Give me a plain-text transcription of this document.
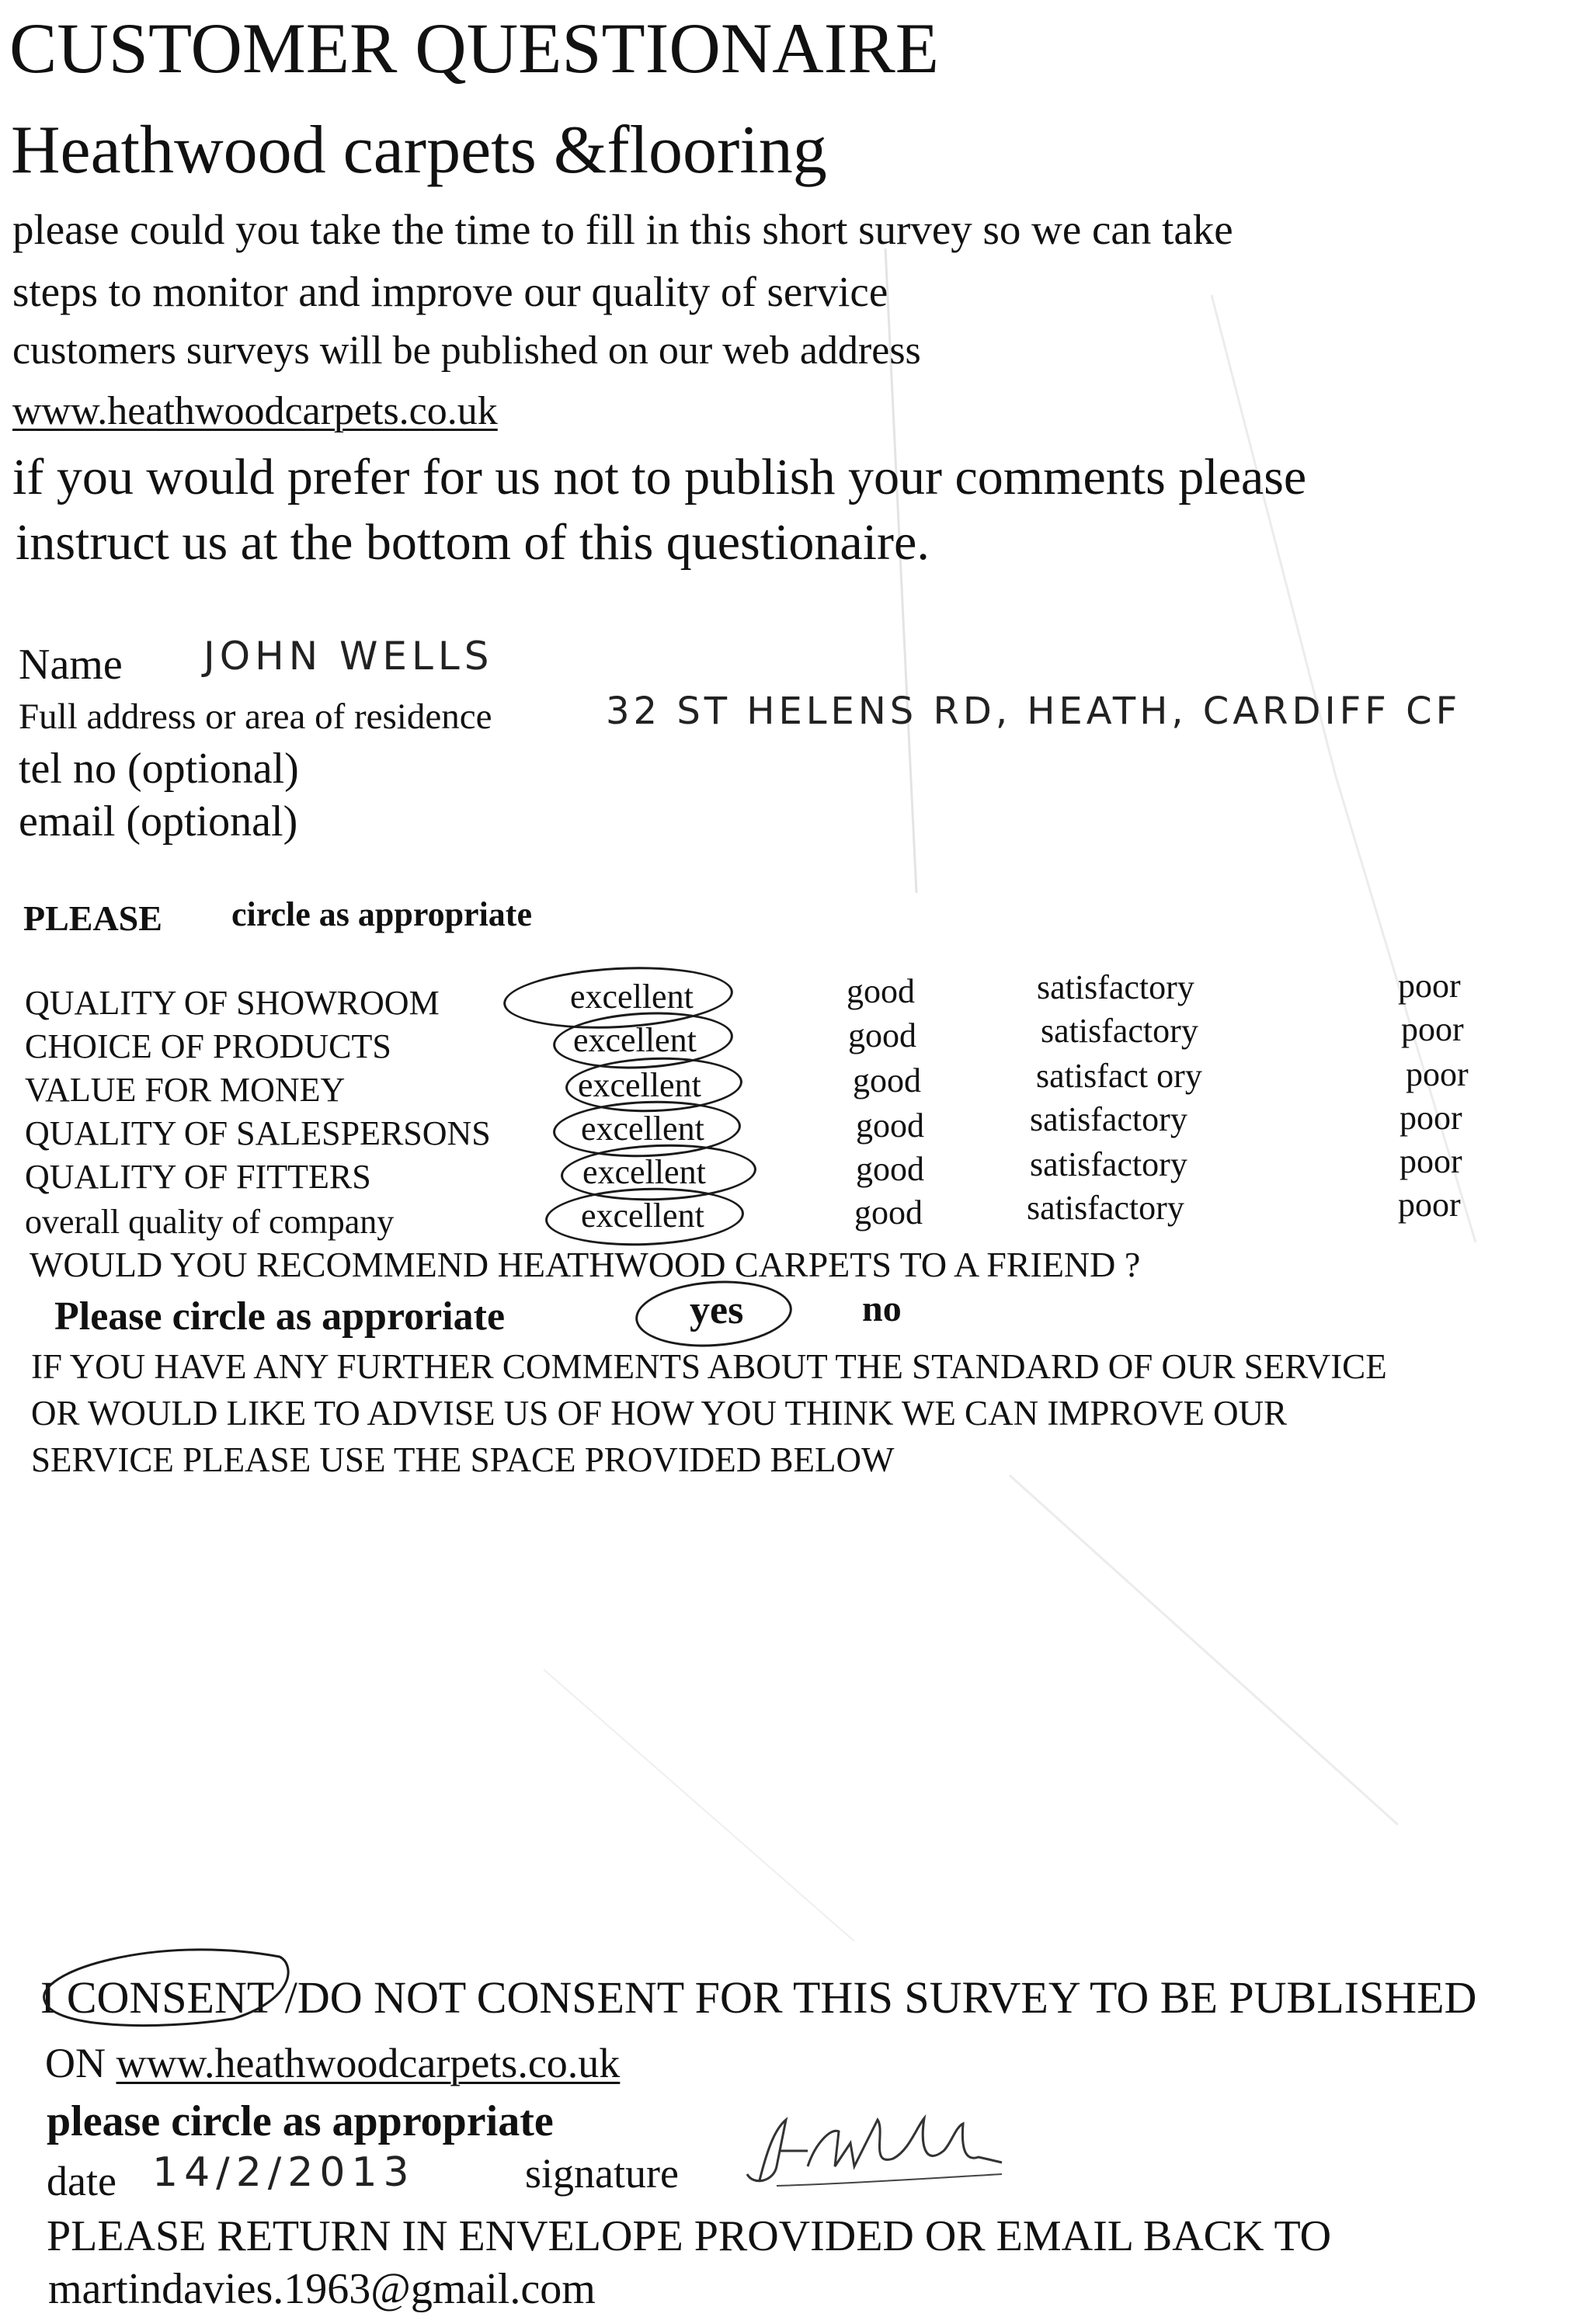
CUSTOMER QUESTIONAIRE
Heathwood carpets &flooring
please could you take the time to fill in this short survey so we can take
steps to monitor and improve our quality of service
customers surveys will be published on our web address
www.heathwoodcarpets.co.uk
if you would prefer for us not to publish your comments please
instruct us at the bottom of this questionaire.
Name JOHN WELLS
Full address or area of residence	32 ST HELENS RD, HEATH, CARDIFF CF
tel no (optional)
email (optional)
PLEASE circle as appropriate
QUALITY OF SHOWROOM	excellent	good	satisfactory	poor
CHOICE OF PRODUCTS	excellent	good	satisfactory	poor
VALUE FOR MONEY	excellent	good	satisfact ory	poor
QUALITY OF SALESPERSONS	excellent	good	satisfactory	poor
QUALITY OF FITTERS	excellent	good	satisfactory	poor
overall quality of company	excellent	good	satisfactory	poor
WOULD YOU RECOMMEND HEATHWOOD CARPETS TO A FRIEND ?
Please circle as approriate	yes	no
IF YOU HAVE ANY FURTHER COMMENTS ABOUT THE STANDARD OF OUR SERVICE
OR WOULD LIKE TO ADVISE US OF HOW YOU THINK WE CAN IMPROVE OUR
SERVICE PLEASE USE THE SPACE PROVIDED BELOW
I CONSENT /DO NOT CONSENT FOR THIS SURVEY TO BE PUBLISHED
ON www.heathwoodcarpets.co.uk
please circle as appropriate
date 14/2/2013	signature
PLEASE RETURN IN ENVELOPE PROVIDED OR EMAIL BACK TO
martindavies.1963@gmail.com
